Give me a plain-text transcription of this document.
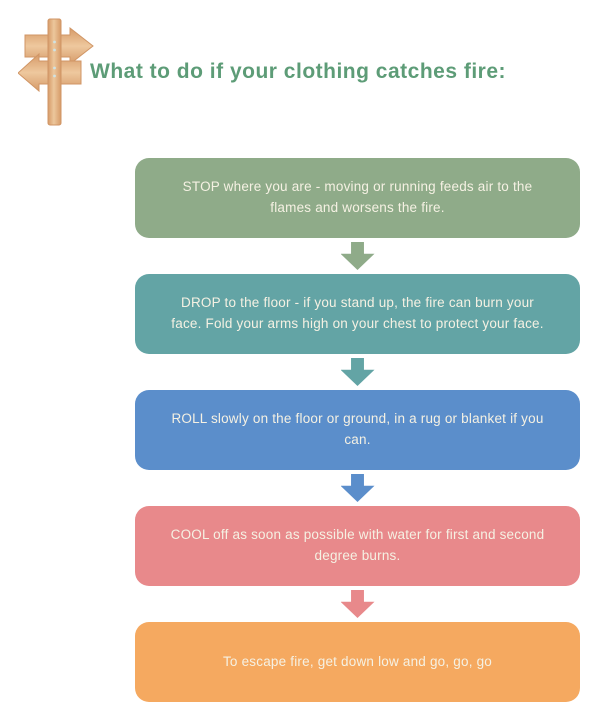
What to do if your clothing catches fire:
STOP where you are - moving or running feeds air to the flames and worsens the fire.
DROP to the floor - if you stand up, the fire can burn your face. Fold your arms high on your chest to protect your face.
ROLL slowly on the floor or ground, in a rug or blanket if you can.
COOL off as soon as possible with water for first and second degree burns.
To escape fire, get down low and go, go, go
